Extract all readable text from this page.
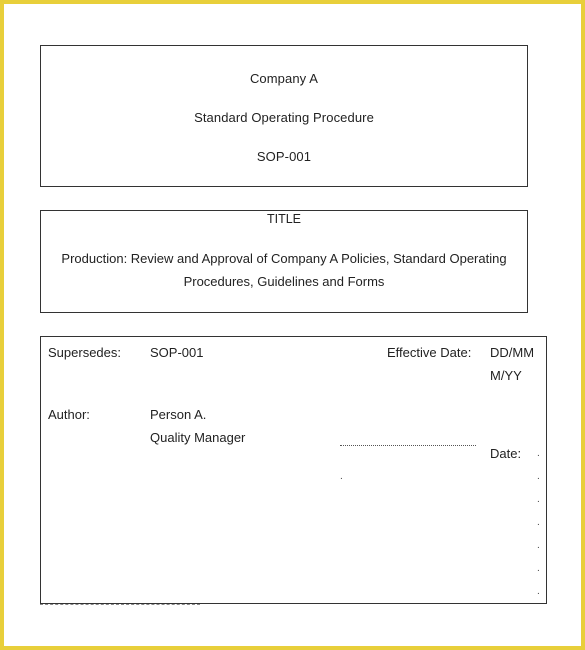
Company A
Standard Operating Procedure
SOP-001
TITLE
Production: Review and Approval of Company A Policies, Standard Operating Procedures, Guidelines and Forms
Supersedes: SOP-001	Effective Date: DD/MM
M/YY
Author:	Person A.
Quality Manager
Date:
.
.
.
.
.
.
.
.
